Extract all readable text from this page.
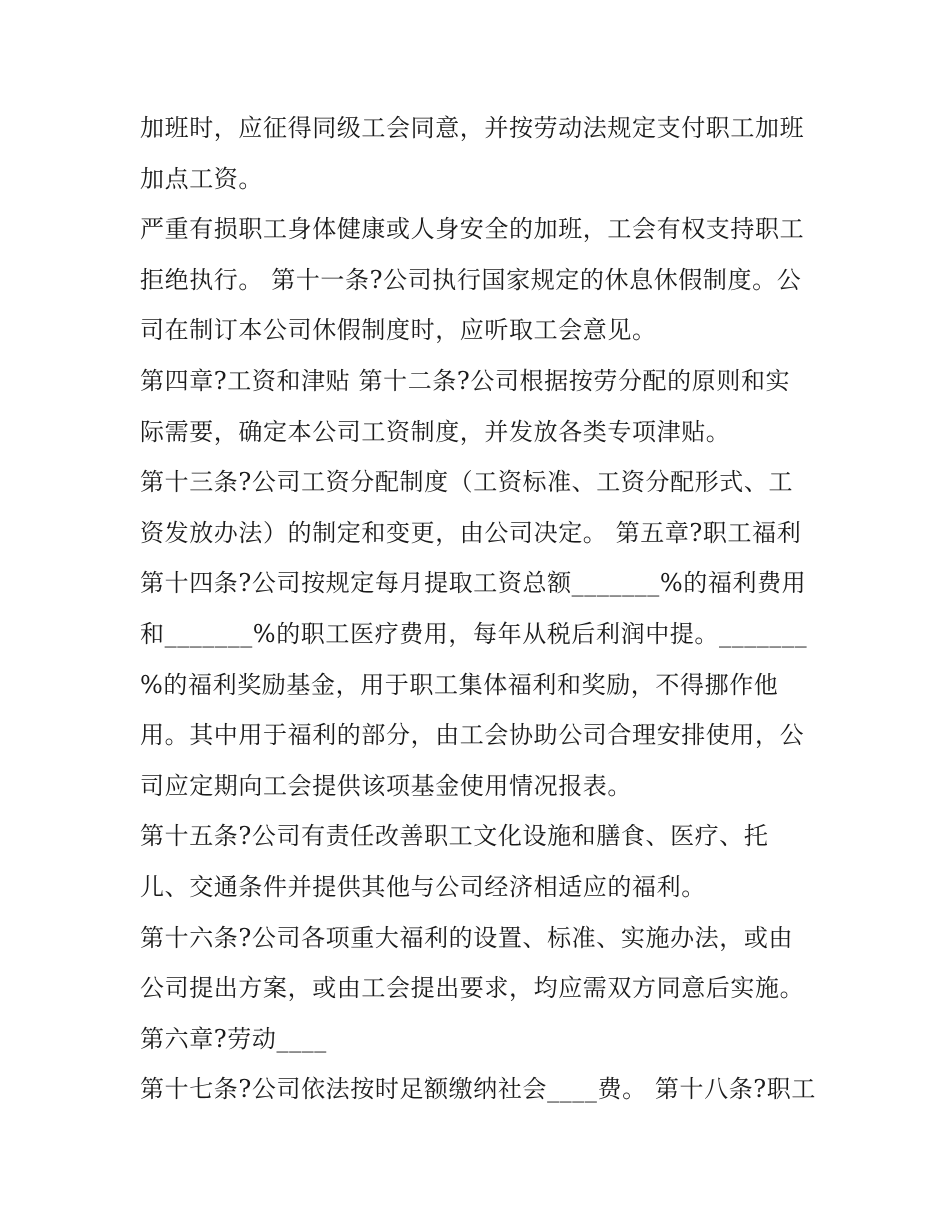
加班时，应征得同级工会同意，并按劳动法规定支付职工加班
加点工资。
严重有损职工身体健康或人身安全的加班，工会有权支持职工
拒绝执行。 第十一条?公司执行国家规定的休息休假制度。公
司在制订本公司休假制度时，应听取工会意见。
第四章?工资和津贴 第十二条?公司根据按劳分配的原则和实
际需要，确定本公司工资制度，并发放各类专项津贴。
第十三条?公司工资分配制度（工资标准、工资分配形式、工
资发放办法）的制定和变更，由公司决定。 第五章?职工福利
第十四条?公司按规定每月提取工资总额_______%的福利费用
和_______%的职工医疗费用，每年从税后利润中提。_______
%的福利奖励基金，用于职工集体福利和奖励，不得挪作他
用。其中用于福利的部分，由工会协助公司合理安排使用，公
司应定期向工会提供该项基金使用情况报表。
第十五条?公司有责任改善职工文化设施和膳食、医疗、托
儿、交通条件并提供其他与公司经济相适应的福利。
第十六条?公司各项重大福利的设置、标准、实施办法，或由
公司提出方案，或由工会提出要求，均应需双方同意后实施。
第六章?劳动____
第十七条?公司依法按时足额缴纳社会____费。 第十八条?职工
